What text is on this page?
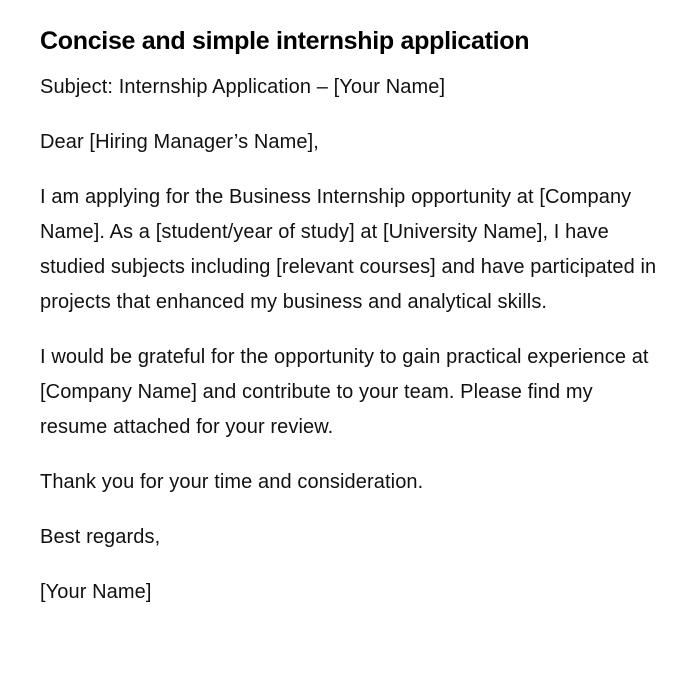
Concise and simple internship application
Subject: Internship Application – [Your Name]
Dear [Hiring Manager’s Name],
I am applying for the Business Internship opportunity at [Company Name]. As a [student/year of study] at [University Name], I have studied subjects including [relevant courses] and have participated in projects that enhanced my business and analytical skills.
I would be grateful for the opportunity to gain practical experience at [Company Name] and contribute to your team. Please find my resume attached for your review.
Thank you for your time and consideration.
Best regards,
[Your Name]
